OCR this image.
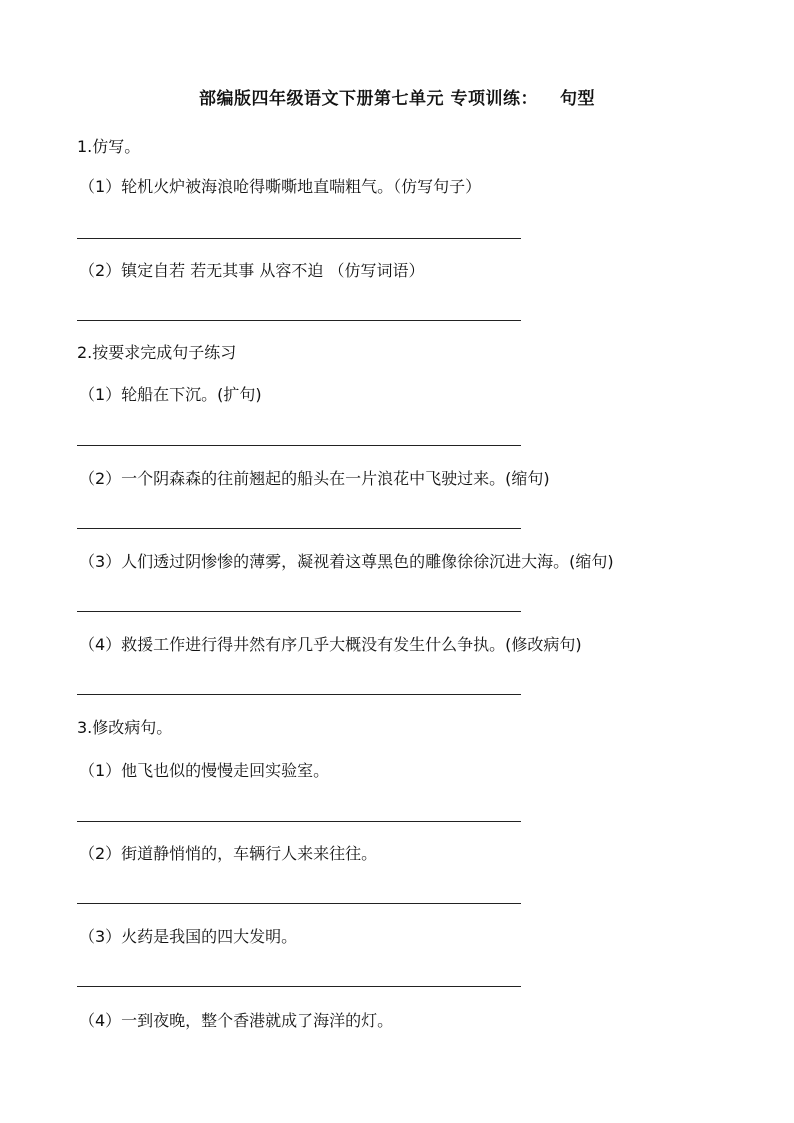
部编版四年级语文下册第七单元 专项训练： 句型
1.仿写。
（1）轮机火炉被海浪呛得嘶嘶地直喘粗气。（仿写句子）
（2）镇定自若 若无其事 从容不迫 （仿写词语）
2.按要求完成句子练习
（1）轮船在下沉。(扩句)
（2）一个阴森森的往前翘起的船头在一片浪花中飞驶过来。(缩句)
（3）人们透过阴惨惨的薄雾，凝视着这尊黑色的雕像徐徐沉进大海。(缩句)
（4）救援工作进行得井然有序几乎大概没有发生什么争执。(修改病句)
3.修改病句。
（1）他飞也似的慢慢走回实验室。
（2）街道静悄悄的，车辆行人来来往往。
（3）火药是我国的四大发明。
（4）一到夜晚，整个香港就成了海洋的灯。
